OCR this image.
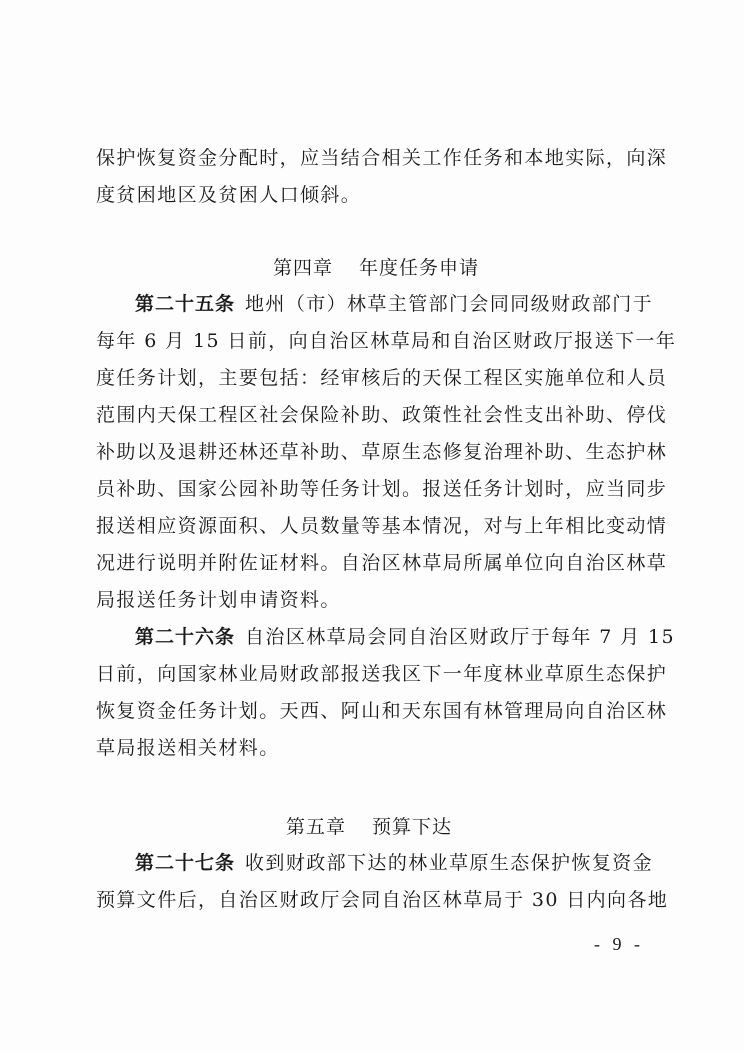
保护恢复资金分配时，应当结合相关工作任务和本地实际，向深
度贫困地区及贫困人口倾斜。
第四章 年度任务申请
第二十五条 地州（市）林草主管部门会同同级财政部门于
每年 6 月 15 日前，向自治区林草局和自治区财政厅报送下一年
度任务计划，主要包括：经审核后的天保工程区实施单位和人员
范围内天保工程区社会保险补助、政策性社会性支出补助、停伐
补助以及退耕还林还草补助、草原生态修复治理补助、生态护林
员补助、国家公园补助等任务计划。报送任务计划时，应当同步
报送相应资源面积、人员数量等基本情况，对与上年相比变动情
况进行说明并附佐证材料。自治区林草局所属单位向自治区林草
局报送任务计划申请资料。
第二十六条 自治区林草局会同自治区财政厅于每年 7 月 15
日前，向国家林业局财政部报送我区下一年度林业草原生态保护
恢复资金任务计划。天西、阿山和天东国有林管理局向自治区林
草局报送相关材料。
第五章 预算下达
第二十七条 收到财政部下达的林业草原生态保护恢复资金
预算文件后，自治区财政厅会同自治区林草局于 30 日内向各地
- 9 -
